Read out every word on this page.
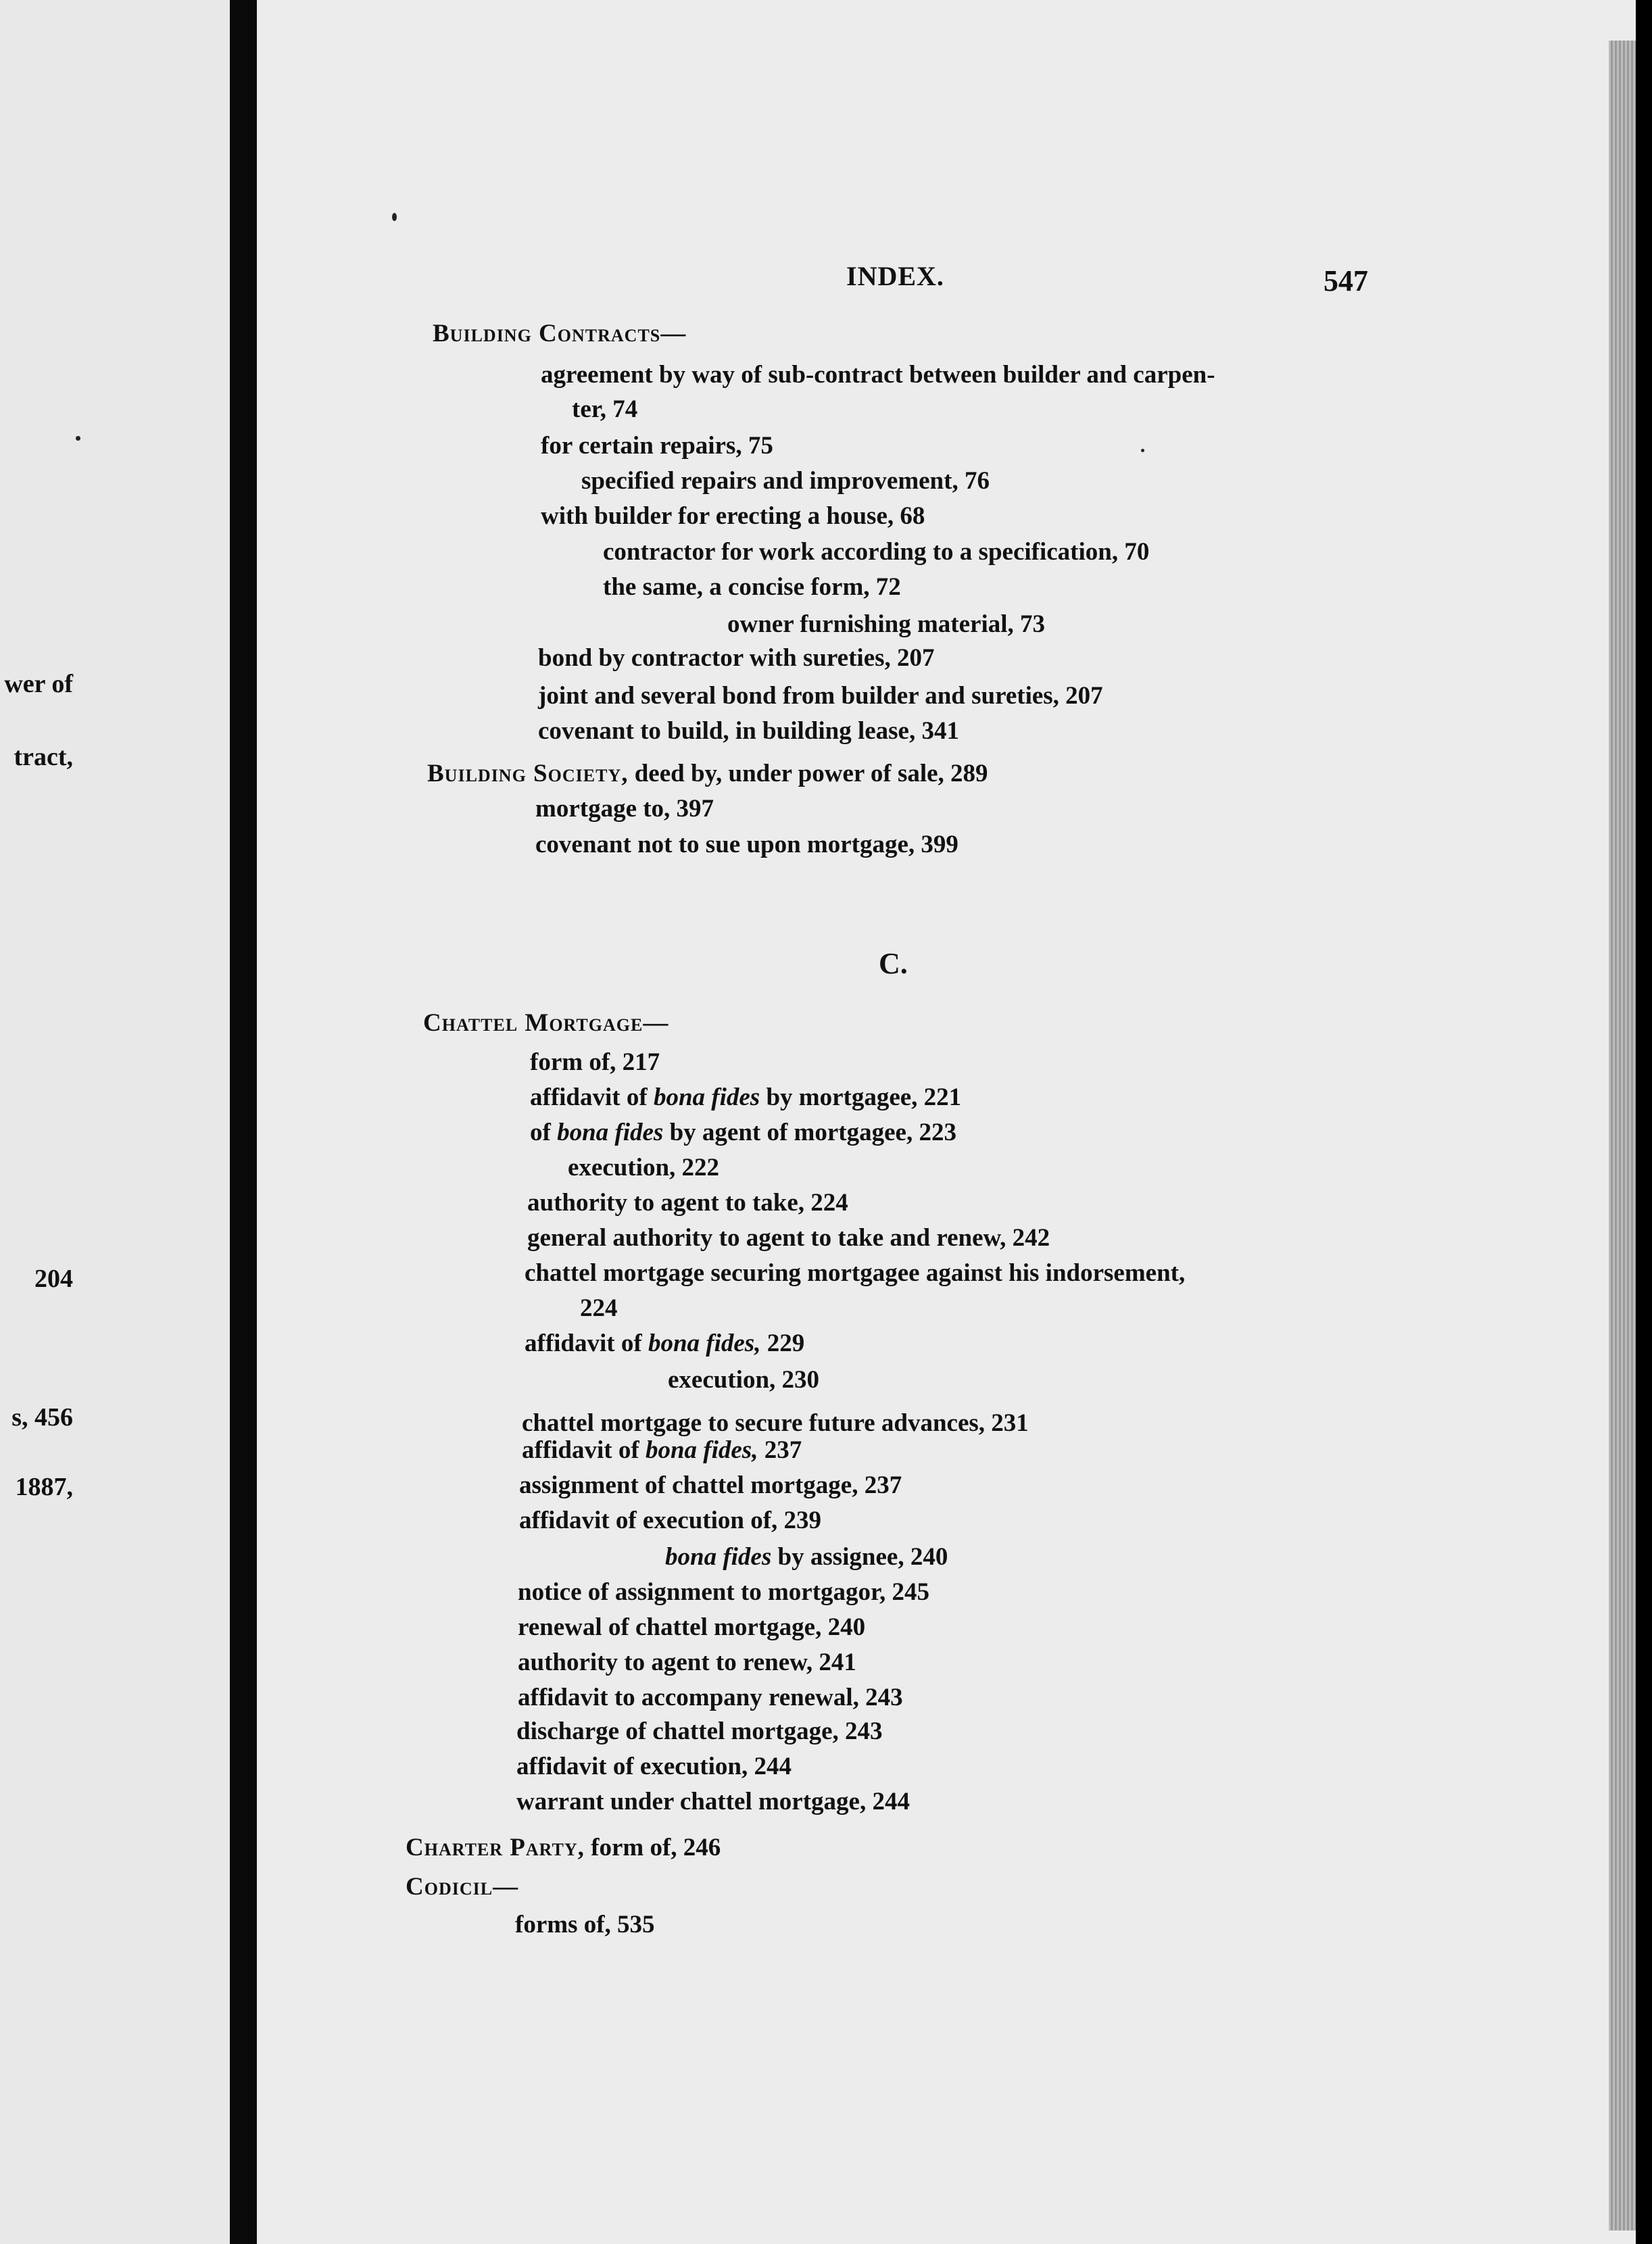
wer of
tract,
204
s, 456
1887,
INDEX.	547
Building Contracts—
agreement by way of sub-contract between builder and carpen-
ter, 74
for certain repairs, 75
specified repairs and improvement, 76
with builder for erecting a house, 68
contractor for work according to a specification, 70
the same, a concise form, 72
owner furnishing material, 73
bond by contractor with sureties, 207
joint and several bond from builder and sureties, 207
covenant to build, in building lease, 341
Building Society, deed by, under power of sale, 289
mortgage to, 397
covenant not to sue upon mortgage, 399
C.
Chattel Mortgage—
form of, 217
affidavit of bona fides by mortgagee, 221
of bona fides by agent of mortgagee, 223
execution, 222
authority to agent to take, 224
general authority to agent to take and renew, 242
chattel mortgage securing mortgagee against his indorsement,
224
affidavit of bona fides, 229
execution, 230
chattel mortgage to secure future advances, 231
affidavit of bona fides, 237
assignment of chattel mortgage, 237
affidavit of execution of, 239
bona fides by assignee, 240
notice of assignment to mortgagor, 245
renewal of chattel mortgage, 240
authority to agent to renew, 241
affidavit to accompany renewal, 243
discharge of chattel mortgage, 243
affidavit of execution, 244
warrant under chattel mortgage, 244
Charter Party, form of, 246
Codicil—
forms of, 535
